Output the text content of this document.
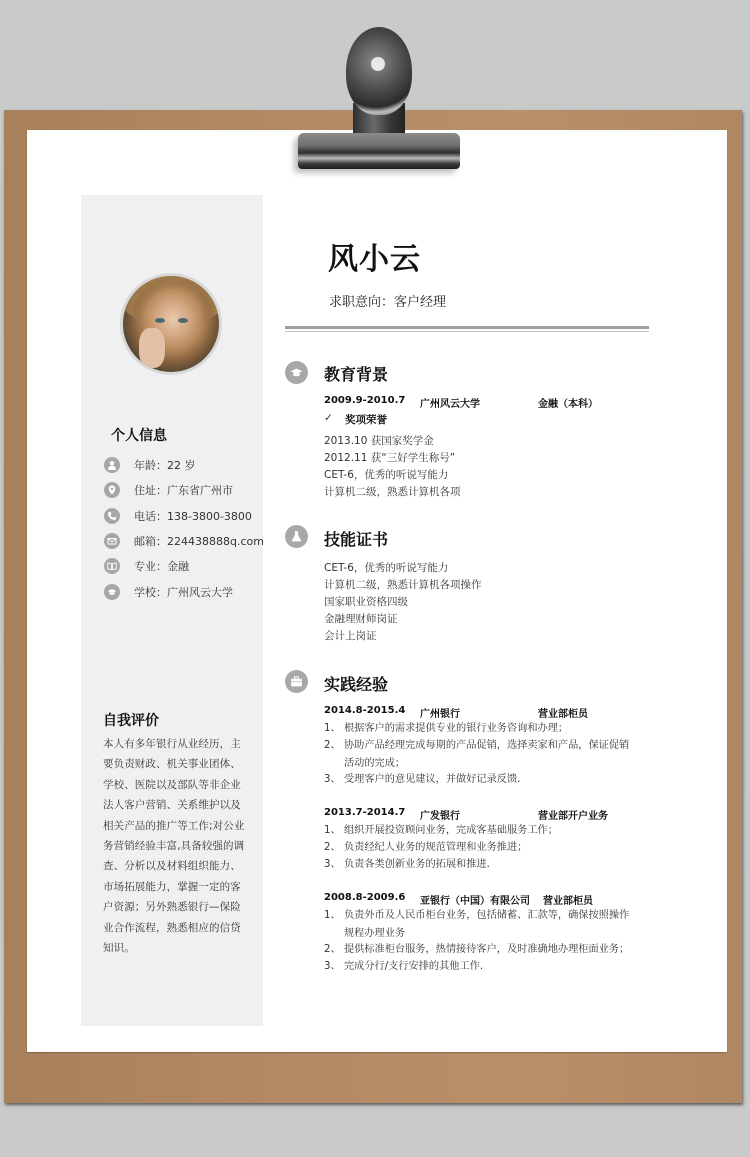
个人信息
年龄： 22 岁
住址： 广东省广州市
电话： 138-3800-3800
邮箱： 224438888q.com
专业： 金融
学校： 广州风云大学
自我评价
本人有多年银行从业经历，主要负责财政、机关事业团体、学校、医院以及部队等非企业法人客户营销、关系维护以及相关产品的推广等工作;对公业务营销经验丰富,具备较强的调查、分析以及材料组织能力、市场拓展能力，掌握一定的客户资源；另外熟悉银行—保险业合作流程，熟悉相应的信贷知识。
风小云
求职意向：客户经理
教育背景
2009.9-2010.7 广州风云大学	金融（本科）
✓ 奖项荣誉
2013.10 获国家奖学金
2012.11 获“三好学生称号”
CET-6，优秀的听说写能力
计算机二级，熟悉计算机各项
技能证书
CET-6，优秀的听说写能力
计算机二级，熟悉计算机各项操作
国家职业资格四级
金融理财师岗证
会计上岗证
实践经验
2014.8-2015.4 广州银行	营业部柜员
1、 根据客户的需求提供专业的银行业务咨询和办理；
2、 协助产品经理完成每期的产品促销，选择卖家和产品，保证促销活动的完成；
3、 受理客户的意见建议，并做好记录反馈.
2013.7-2014.7 广发银行	营业部开户业务
1、 组织开展投资顾问业务，完成客基础服务工作；
2、 负责经纪人业务的规范管理和业务推进；
3、 负责各类创新业务的拓展和推进.
2008.8-2009.6 亚银行（中国）有限公司 营业部柜员
1、 负责外币及人民币柜台业务，包括储蓄、汇款等，确保按照操作规程办理业务
2、 提供标准柜台服务，热情接待客户，及时准确地办理柜面业务；
3、 完成分行/支行安排的其他工作.
